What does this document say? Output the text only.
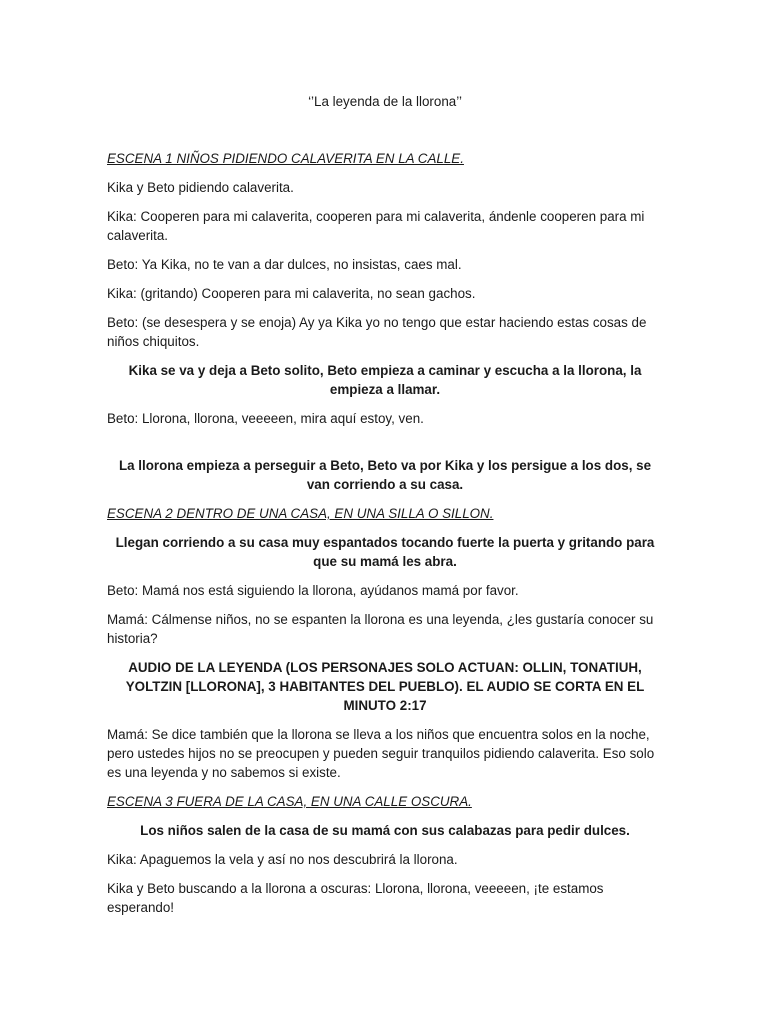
‘’La leyenda de la llorona’’
ESCENA 1 NIÑOS PIDIENDO CALAVERITA EN LA CALLE.
Kika y Beto pidiendo calaverita.
Kika: Cooperen para mi calaverita, cooperen para mi calaverita, ándenle cooperen para mi calaverita.
Beto: Ya Kika, no te van a dar dulces, no insistas, caes mal.
Kika: (gritando) Cooperen para mi calaverita, no sean gachos.
Beto: (se desespera y se enoja) Ay ya Kika yo no tengo que estar haciendo estas cosas de niños chiquitos.
Kika se va y deja a Beto solito, Beto empieza a caminar y escucha a la llorona, la empieza a llamar.
Beto: Llorona, llorona, veeeeen, mira aquí estoy, ven.
La llorona empieza a perseguir a Beto, Beto va por Kika y los persigue a los dos, se van corriendo a su casa.
ESCENA 2 DENTRO DE UNA CASA, EN UNA SILLA O SILLON.
Llegan corriendo a su casa muy espantados tocando fuerte la puerta y gritando para que su mamá les abra.
Beto: Mamá nos está siguiendo la llorona, ayúdanos mamá por favor.
Mamá: Cálmense niños, no se espanten la llorona es una leyenda, ¿les gustaría conocer su historia?
AUDIO DE LA LEYENDA (LOS PERSONAJES SOLO ACTUAN: OLLIN, TONATIUH, YOLTZIN [LLORONA], 3 HABITANTES DEL PUEBLO). EL AUDIO SE CORTA EN EL MINUTO 2:17
Mamá: Se dice también que la llorona se lleva a los niños que encuentra solos en la noche, pero ustedes hijos no se preocupen y pueden seguir tranquilos pidiendo calaverita. Eso solo es una leyenda y no sabemos si existe.
ESCENA 3 FUERA DE LA CASA, EN UNA CALLE OSCURA.
Los niños salen de la casa de su mamá con sus calabazas para pedir dulces.
Kika: Apaguemos la vela y así no nos descubrirá la llorona.
Kika y Beto buscando a la llorona a oscuras: Llorona, llorona, veeeeen, ¡te estamos esperando!
